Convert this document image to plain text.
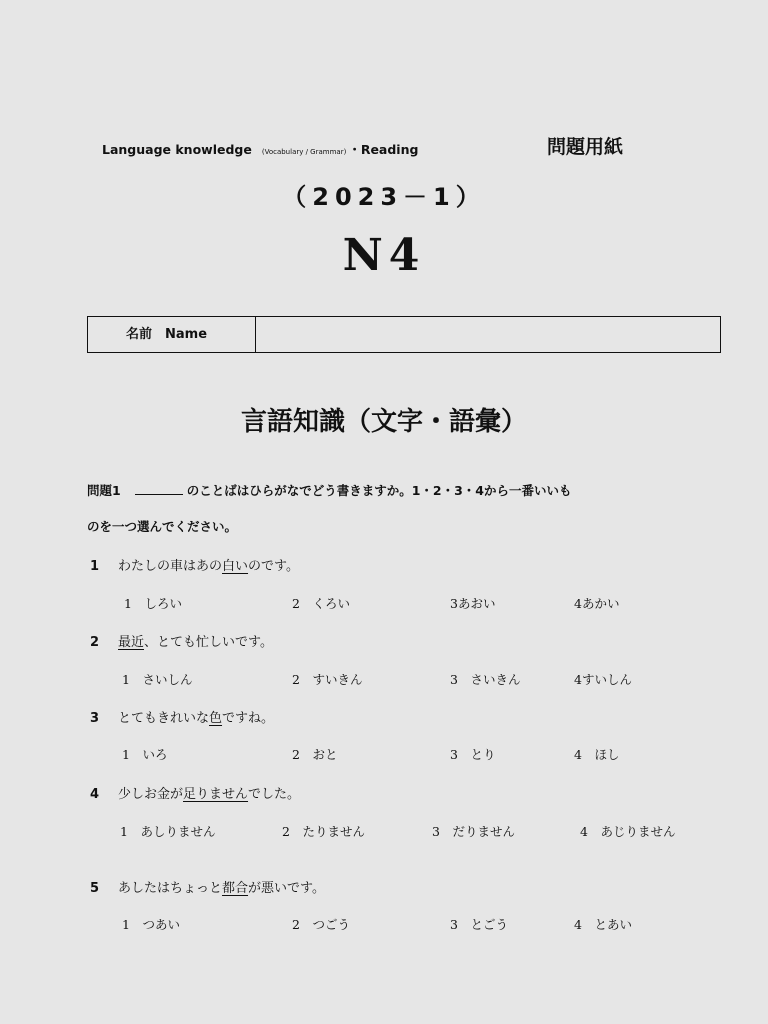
Language knowledge (Vocabulary / Grammar) ・Reading	問題用紙
（2023－1）
N4
名前　Name
言語知識（文字・語彙）
問題1	のことばはひらがなでどう書きますか。1・2・3・4から一番いいも
のを一つ選んでください。
1 わたしの車はあの白いのです。
1　しろい	2　くろい	3あおい	4あかい
2 最近、とても忙しいです。
1　さいしん	2　すいきん	3　さいきん	4すいしん
3 とてもきれいな色ですね。
1　いろ	2　おと	3　とり	4　ほし
4 少しお金が足りませんでした。
1　あしりません	2　たりません	3　だりません	4　あじりません
5 あしたはちょっと都合が悪いです。
1　つあい	2　つごう	3　とごう	4　とあい
